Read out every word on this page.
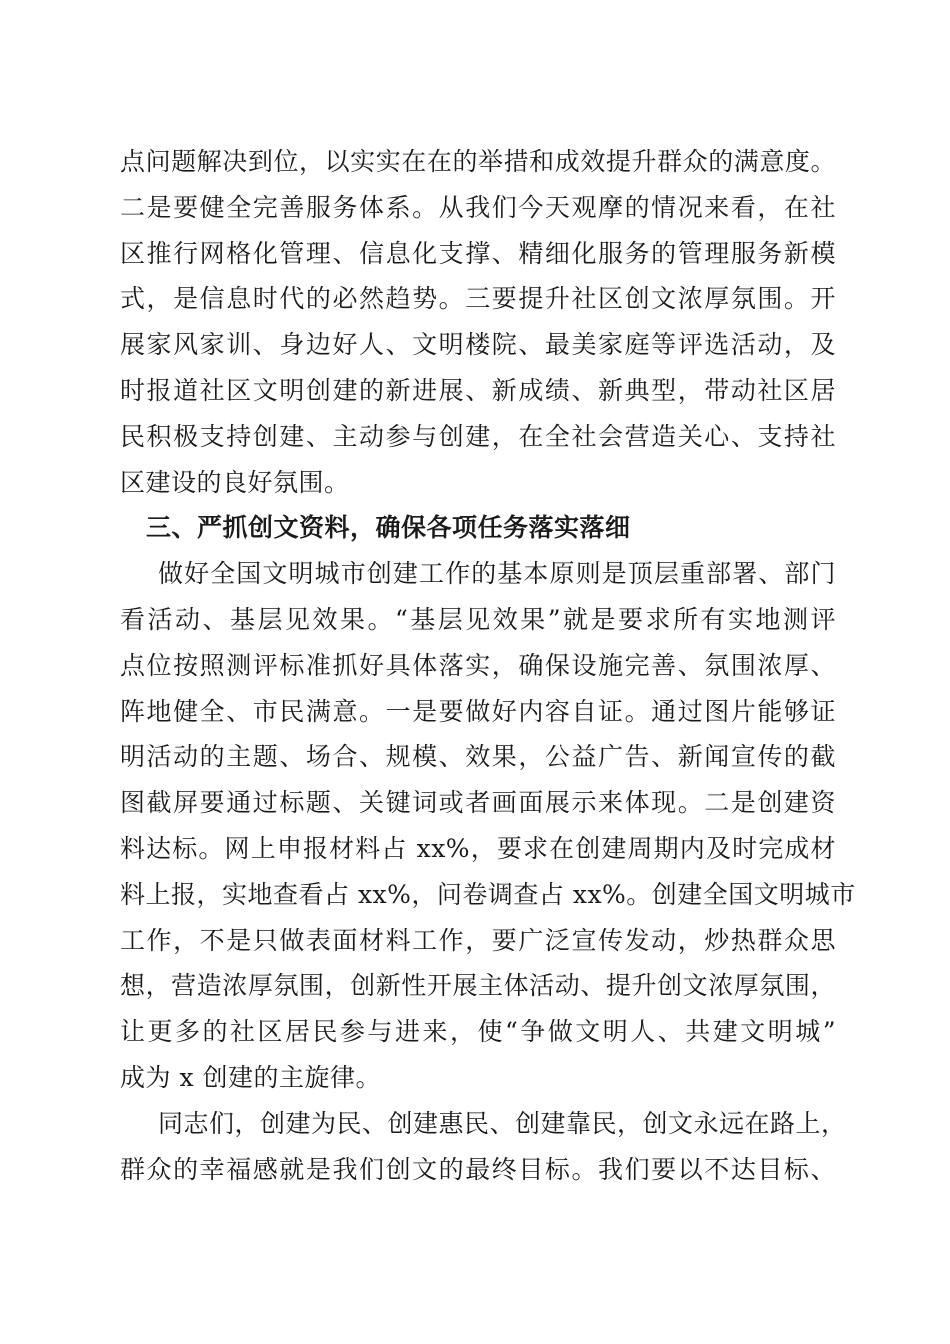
点问题解决到位，以实实在在的举措和成效提升群众的满意度。
二是要健全完善服务体系。从我们今天观摩的情况来看，在社
区推行网格化管理、信息化支撑、精细化服务的管理服务新模
式，是信息时代的必然趋势。三要提升社区创文浓厚氛围。开
展家风家训、身边好人、文明楼院、最美家庭等评选活动，及
时报道社区文明创建的新进展、新成绩、新典型，带动社区居
民积极支持创建、主动参与创建，在全社会营造关心、支持社
区建设的良好氛围。
三、严抓创文资料，确保各项任务落实落细
做好全国文明城市创建工作的基本原则是顶层重部署、部门
看活动、基层见效果。“基层见效果”就是要求所有实地测评
点位按照测评标准抓好具体落实，确保设施完善、氛围浓厚、
阵地健全、市民满意。一是要做好内容自证。通过图片能够证
明活动的主题、场合、规模、效果，公益广告、新闻宣传的截
图截屏要通过标题、关键词或者画面展示来体现。二是创建资
料达标。网上申报材料占 xx%，要求在创建周期内及时完成材
料上报，实地查看占 xx%，问卷调查占 xx%。创建全国文明城市
工作，不是只做表面材料工作，要广泛宣传发动，炒热群众思
想，营造浓厚氛围，创新性开展主体活动、提升创文浓厚氛围，
让更多的社区居民参与进来，使“争做文明人、共建文明城”
成为 x 创建的主旋律。
同志们，创建为民、创建惠民、创建靠民，创文永远在路上，
群众的幸福感就是我们创文的最终目标。我们要以不达目标、
